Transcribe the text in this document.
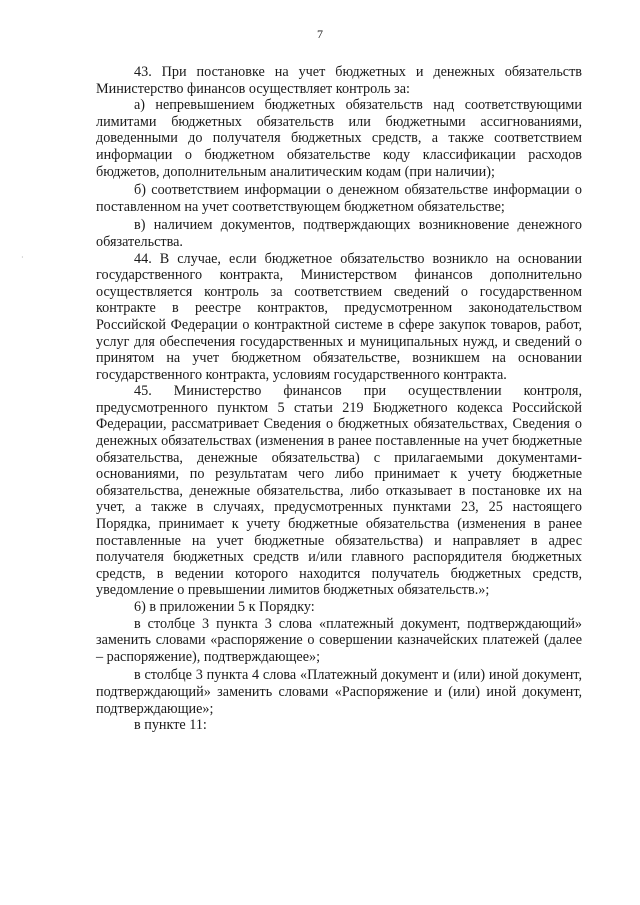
7
·

43. При постановке на учет бюджетных и денежных обязательств Министерство финансов осуществляет контроль за:

а) непревышением бюджетных обязательств над соответствующими лимитами бюджетных обязательств или бюджетными ассигнованиями, доведенными до получателя бюджетных средств, а также соответствием информации о бюджетном обязательстве коду классификации расходов бюджетов, дополнительным аналитическим кодам (при наличии);

б) соответствием информации о денежном обязательстве информации о поставленном на учет соответствующем бюджетном обязательстве;

в) наличием документов, подтверждающих возникновение денежного обязательства.

44. В случае, если бюджетное обязательство возникло на основании государственного контракта, Министерством финансов дополнительно осуществляется контроль за соответствием сведений о государственном контракте в реестре контрактов, предусмотренном законодательством Российской Федерации о контрактной системе в сфере закупок товаров, работ, услуг для обеспечения государственных и муниципальных нужд, и сведений о принятом на учет бюджетном обязательстве, возникшем на основании государственного контракта, условиям государственного контракта.

45. Министерство финансов при осуществлении контроля, предусмотренного пунктом 5 статьи 219 Бюджетного кодекса Российской Федерации, рассматривает Сведения о бюджетных обязательствах, Сведения о денежных обязательствах (изменения в ранее поставленные на учет бюджетные обязательства, денежные обязательства) с прилагаемыми документами-основаниями, по результатам чего либо принимает к учету бюджетные обязательства, денежные обязательства, либо отказывает в постановке их на учет, а также в случаях, предусмотренных пунктами 23, 25 настоящего Порядка, принимает к учету бюджетные обязательства (изменения в ранее поставленные на учет бюджетные обязательства) и направляет в адрес получателя бюджетных средств и/или главного распорядителя бюджетных средств, в ведении которого находится получатель бюджетных средств, уведомление о превышении лимитов бюджетных обязательств.»;

6) в приложении 5 к Порядку:

в столбце 3 пункта 3 слова «платежный документ, подтверждающий» заменить словами «распоряжение о совершении казначейских платежей (далее – распоряжение), подтверждающее»;

в столбце 3 пункта 4 слова «Платежный документ и (или) иной документ, подтверждающий» заменить словами «Распоряжение и (или) иной документ, подтверждающие»;

в пункте 11:
